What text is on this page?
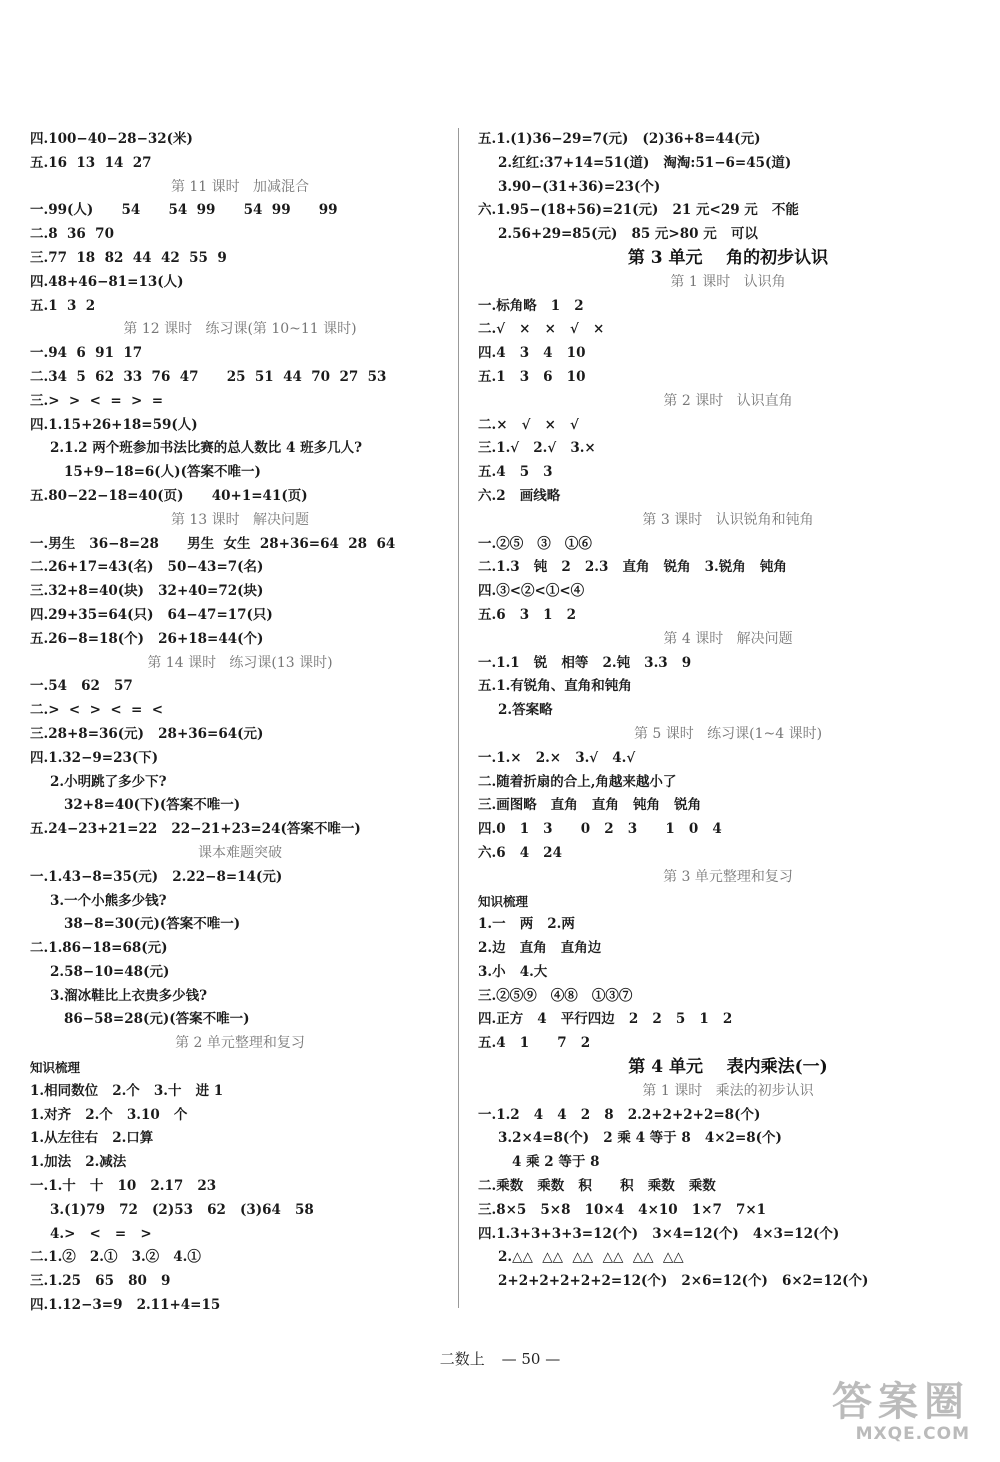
四.100−40−28−32(米)
五.16  13  14  27
第 11 课时   加减混合
一.99(人)      54      54  99      54  99      99
二.8  36  70
三.77  18  82  44  42  55  9
四.48+46−81=13(人)
五.1  3  2
第 12 课时   练习课(第 10~11 课时)
一.94  6  91  17
二.34  5  62  33  76  47      25  51  44  70  27  53
三.>  >  <  =  >  =
四.1.15+26+18=59(人)
2.1.2 两个班参加书法比赛的总人数比 4 班多几人?
15+9−18=6(人)(答案不唯一)
五.80−22−18=40(页)      40+1=41(页)
第 13 课时   解决问题
一.男生   36−8=28      男生  女生  28+36=64  28  64
二.26+17=43(名)   50−43=7(名)
三.32+8=40(块)   32+40=72(块)
四.29+35=64(只)   64−47=17(只)
五.26−8=18(个)   26+18=44(个)
第 14 课时   练习课(13 课时)
一.54   62   57
二.>  <  >  <  =  <
三.28+8=36(元)   28+36=64(元)
四.1.32−9=23(下)
2.小明跳了多少下?
32+8=40(下)(答案不唯一)
五.24−23+21=22   22−21+23=24(答案不唯一)
课本难题突破
一.1.43−8=35(元)   2.22−8=14(元)
3.一个小熊多少钱?
38−8=30(元)(答案不唯一)
二.1.86−18=68(元)
2.58−10=48(元)
3.溜冰鞋比上衣贵多少钱?
86−58=28(元)(答案不唯一)
第 2 单元整理和复习
知识梳理
1.相同数位   2.个   3.十   进 1
1.对齐   2.个   3.10   个
1.从左往右   2.口算
1.加法   2.减法
一.1.十   十   10   2.17   23
3.(1)79   72   (2)53   62   (3)64   58
4.>   <   =   >
二.1.②   2.①   3.②   4.①
三.1.25   65   80   9
四.1.12−3=9   2.11+4=15
五.1.(1)36−29=7(元)   (2)36+8=44(元)
2.红红:37+14=51(道)   淘淘:51−6=45(道)
3.90−(31+36)=23(个)
六.1.95−(18+56)=21(元)   21 元<29 元   不能
2.56+29=85(元)   85 元>80 元   可以
第 3 单元    角的初步认识
第 1 课时   认识角
一.标角略   1   2
二.√   ×   ×   √   ×
四.4   3   4   10
五.1   3   6   10
第 2 课时   认识直角
二.×   √   ×   √
三.1.√   2.√   3.×
五.4   5   3
六.2   画线略
第 3 课时   认识锐角和钝角
一.②⑤   ③   ①⑥
二.1.3   钝   2   2.3   直角   锐角   3.锐角   钝角
四.③<②<①<④
五.6   3   1   2
第 4 课时   解决问题
一.1.1   锐   相等   2.钝   3.3   9
五.1.有锐角、直角和钝角
2.答案略
第 5 课时   练习课(1~4 课时)
一.1.×   2.×   3.√   4.√
二.随着折扇的合上,角越来越小了
三.画图略   直角   直角   钝角   锐角
四.0   1   3      0   2   3      1   0   4
六.6   4   24
第 3 单元整理和复习
知识梳理
1.一   两   2.两
2.边   直角   直角边
3.小   4.大
三.②⑤⑨   ④⑧   ①③⑦
四.正方   4   平行四边   2   2   5   1   2
五.4   1      7   2
第 4 单元    表内乘法(一)
第 1 课时   乘法的初步认识
一.1.2   4   4   2   8   2.2+2+2+2=8(个)
3.2×4=8(个)   2 乘 4 等于 8   4×2=8(个)
4 乘 2 等于 8
二.乘数   乘数   积      积   乘数   乘数
三.8×5   5×8   10×4   4×10   1×7   7×1
四.1.3+3+3+3=12(个)   3×4=12(个)   4×3=12(个)
2.△△  △△  △△  △△  △△  △△
2+2+2+2+2+2=12(个)   2×6=12(个)   6×2=12(个)
二数上 — 50 —
答案圈
MXQE.COM
